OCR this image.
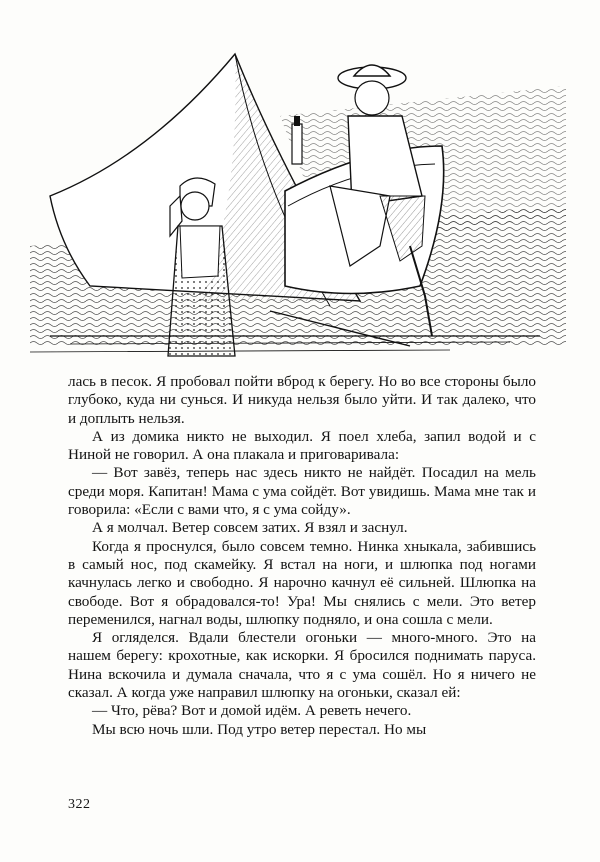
лась в песок. Я пробовал пойти вброд к берегу. Но во все стороны было глубоко, куда ни сунься. И никуда нельзя было уйти. И так далеко, что и доплыть нельзя.

А из домика никто не выходил. Я поел хлеба, запил водой и с Ниной не говорил. А она плакала и приговаривала:

— Вот завёз, теперь нас здесь никто не найдёт. Посадил на мель среди моря. Капитан! Мама с ума сойдёт. Вот увидишь. Мама мне так и говорила: «Если с вами что, я с ума сойду».

А я молчал. Ветер совсем затих. Я взял и заснул.

Когда я проснулся, было совсем темно. Нинка хныкала, забившись в самый нос, под скамейку. Я встал на ноги, и шлюпка под ногами качнулась легко и свободно. Я нарочно качнул её сильней. Шлюпка на свободе. Вот я обрадовался-то! Ура! Мы снялись с мели. Это ветер переменился, нагнал воды, шлюпку подняло, и она сошла с мели.

Я огляделся. Вдали блестели огоньки — много-много. Это на нашем берегу: крохотные, как искорки. Я бросился поднимать паруса. Нина вскочила и думала сначала, что я с ума сошёл. Но я ничего не сказал. А когда уже направил шлюпку на огоньки, сказал ей:

— Что, рёва? Вот и домой идём. А реветь нечего.

Мы всю ночь шли. Под утро ветер перестал. Но мы

322
